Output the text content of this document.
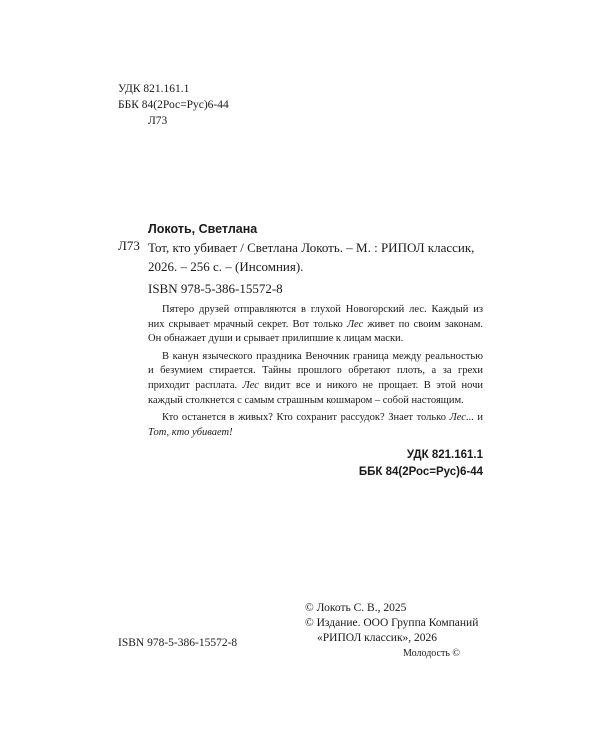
УДК 821.161.1
ББК 84(2Рос=Рус)6-44
Л73
Локоть, Светлана
Л73 Тот, кто убивает / Светлана Локоть. – М. : РИПОЛ классик, 2026. – 256 с. – (Инсомния).
ISBN 978-5-386-15572-8

Пятеро друзей отправляются в глухой Новогорский лес. Каждый из них скрывает мрачный секрет. Вот только Лес живет по своим законам. Он обнажает души и срывает прилипшие к лицам маски.

В канун языческого праздника Веночник граница между реальностью и безумием стирается. Тайны прошлого обретают плоть, а за грехи приходит расплата. Лес видит все и никого не прощает. В этой ночи каждый столкнется с самым страшным кошмаром – собой настоящим.

Кто останется в живых? Кто сохранит рассудок? Знает только Лес... и Тот, кто убивает!

УДК 821.161.1
ББК 84(2Рос=Рус)6-44
© Локоть С. В., 2025
© Издание. ООО Группа Компаний
«РИПОЛ классик», 2026
Молодость ©
ISBN 978-5-386-15572-8
